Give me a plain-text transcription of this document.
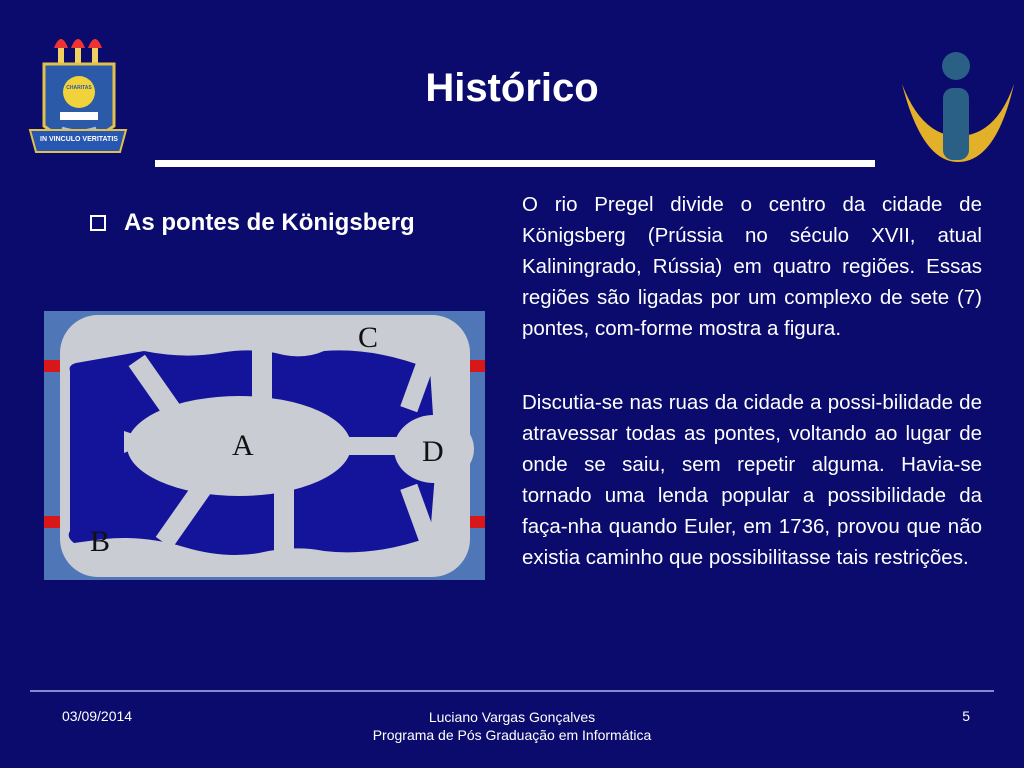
IN VINCULO VERITATIS
CHARITAS	Histórico
As pontes de Königsberg
A
B
C
D
O rio Pregel divide o centro da cidade de Königsberg (Prússia no século XVII, atual Kaliningrado, Rússia) em quatro regiões. Essas regiões são ligadas por um complexo de sete (7) pontes, com-forme mostra a figura.
Discutia-se nas ruas da cidade a possi-bilidade de atravessar todas as pontes, voltando ao lugar de onde se saiu, sem repetir alguma. Havia-se tornado uma lenda popular a possibilidade da faça-nha quando Euler, em 1736, provou que não existia caminho que possibilitasse tais restrições.
03/09/2014	Luciano Vargas Gonçalves
Programa de Pós Graduação em Informática
5
